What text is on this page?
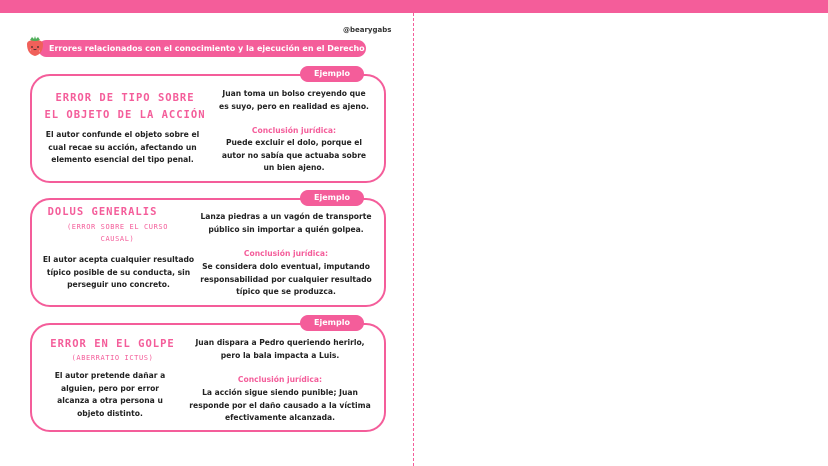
@bearygabs
Errores relacionados con el conocimiento y la ejecución en el Derecho Penal
Ejemplo
ERROR DE TIPO SOBRE
EL OBJETO DE LA ACCIÓN
El autor confunde el objeto sobre el
cual recae su acción, afectando un
elemento esencial del tipo penal.
Juan toma un bolso creyendo que
es suyo, pero en realidad es ajeno.
Conclusión jurídica:
Puede excluir el dolo, porque el
autor no sabía que actuaba sobre
un bien ajeno.
Ejemplo
DOLUS GENERALIS
(ERROR SOBRE EL CURSO
CAUSAL)
El autor acepta cualquier resultado
típico posible de su conducta, sin
perseguir uno concreto.
Lanza piedras a un vagón de transporte
público sin importar a quién golpea.
Conclusión jurídica:
Se considera dolo eventual, imputando
responsabilidad por cualquier resultado
típico que se produzca.
Ejemplo
ERROR EN EL GOLPE
(ABERRATIO ICTUS)
El autor pretende dañar a
alguien, pero por error
alcanza a otra persona u
objeto distinto.
Juan dispara a Pedro queriendo herirlo,
pero la bala impacta a Luis.
Conclusión jurídica:
La acción sigue siendo punible; Juan
responde por el daño causado a la víctima
efectivamente alcanzada.
